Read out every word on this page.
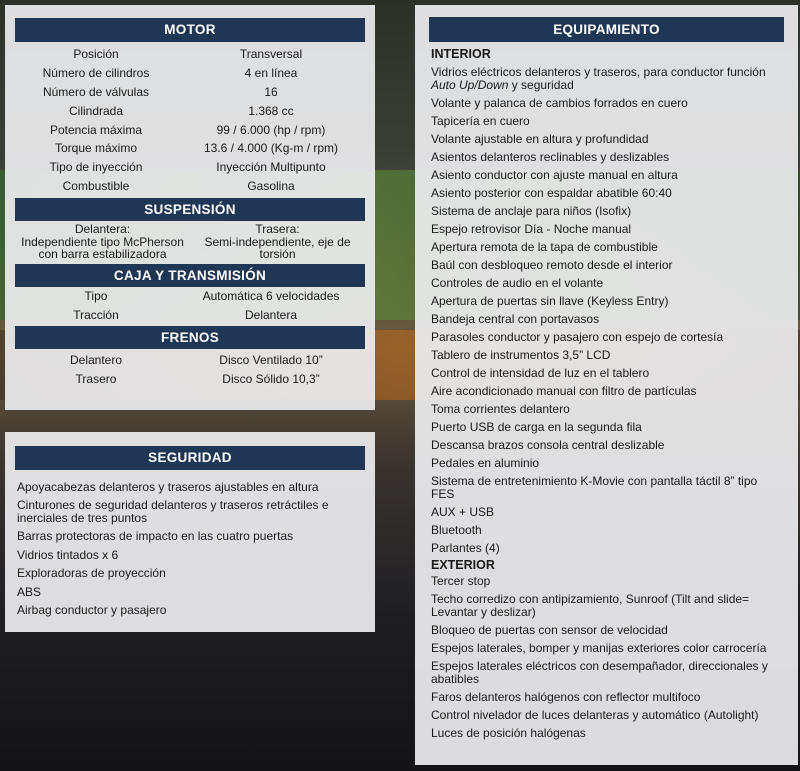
MOTOR
Posición	Transversal
Número de cilindros	4 en línea
Número de válvulas	16
Cilindrada	1.368 cc
Potencia máxima	99 / 6.000 (hp / rpm)
Torque máximo	13.6 / 4.000 (Kg-m / rpm)
Tipo de inyección	Inyección Multipunto
Combustible	Gasolina
SUSPENSIÓN
Delantera:
Independiente tipo McPherson
con barra estabilizadora
Trasera:
Semi-independiente, eje de
torsión
CAJA Y TRANSMISIÓN
Tipo	Automática 6 velocidades
Tracción	Delantera
FRENOS
Delantero	Disco Ventilado 10”
Trasero	Disco Sólido 10,3”
SEGURIDAD
Apoyacabezas delanteros y traseros ajustables en altura
Cinturones de seguridad delanteros y traseros retráctiles e inerciales de tres puntos
Barras protectoras de impacto en las cuatro puertas
Vidrios tintados x 6
Exploradoras de proyección
ABS
Airbag conductor y pasajero
EQUIPAMIENTO
INTERIOR
Vidrios eléctricos delanteros y traseros, para conductor función Auto Up/Down y seguridad
Volante y palanca de cambios forrados en cuero
Tapicería en cuero
Volante ajustable en altura y profundidad
Asientos delanteros reclinables y deslizables
Asiento conductor con ajuste manual en altura
Asiento posterior con espaldar abatible 60:40
Sistema de anclaje para niños (Isofix)
Espejo retrovisor Día - Noche manual
Apertura remota de la tapa de combustible
Baúl con desbloqueo remoto desde el interior
Controles de audio en el volante
Apertura de puertas sin llave (Keyless Entry)
Bandeja central con portavasos
Parasoles conductor y pasajero con espejo de cortesía
Tablero de instrumentos 3,5” LCD
Control de intensidad de luz en el tablero
Aire acondicionado manual con filtro de partículas
Toma corrientes delantero
Puerto USB de carga en la segunda fila
Descansa brazos consola central deslizable
Pedales en aluminio
Sistema de entretenimiento K-Movie con pantalla táctil 8” tipo FES
AUX + USB
Bluetooth
Parlantes (4)
EXTERIOR
Tercer stop
Techo corredizo con antipizamiento, Sunroof (Tilt and slide= Levantar y deslizar)
Bloqueo de puertas con sensor de velocidad
Espejos laterales, bomper y manijas exteriores color carrocería
Espejos laterales eléctricos con desempañador, direccionales y abatibles
Faros delanteros halógenos con reflector multifoco
Control nivelador de luces delanteras y automático (Autolight)
Luces de posición halógenas
